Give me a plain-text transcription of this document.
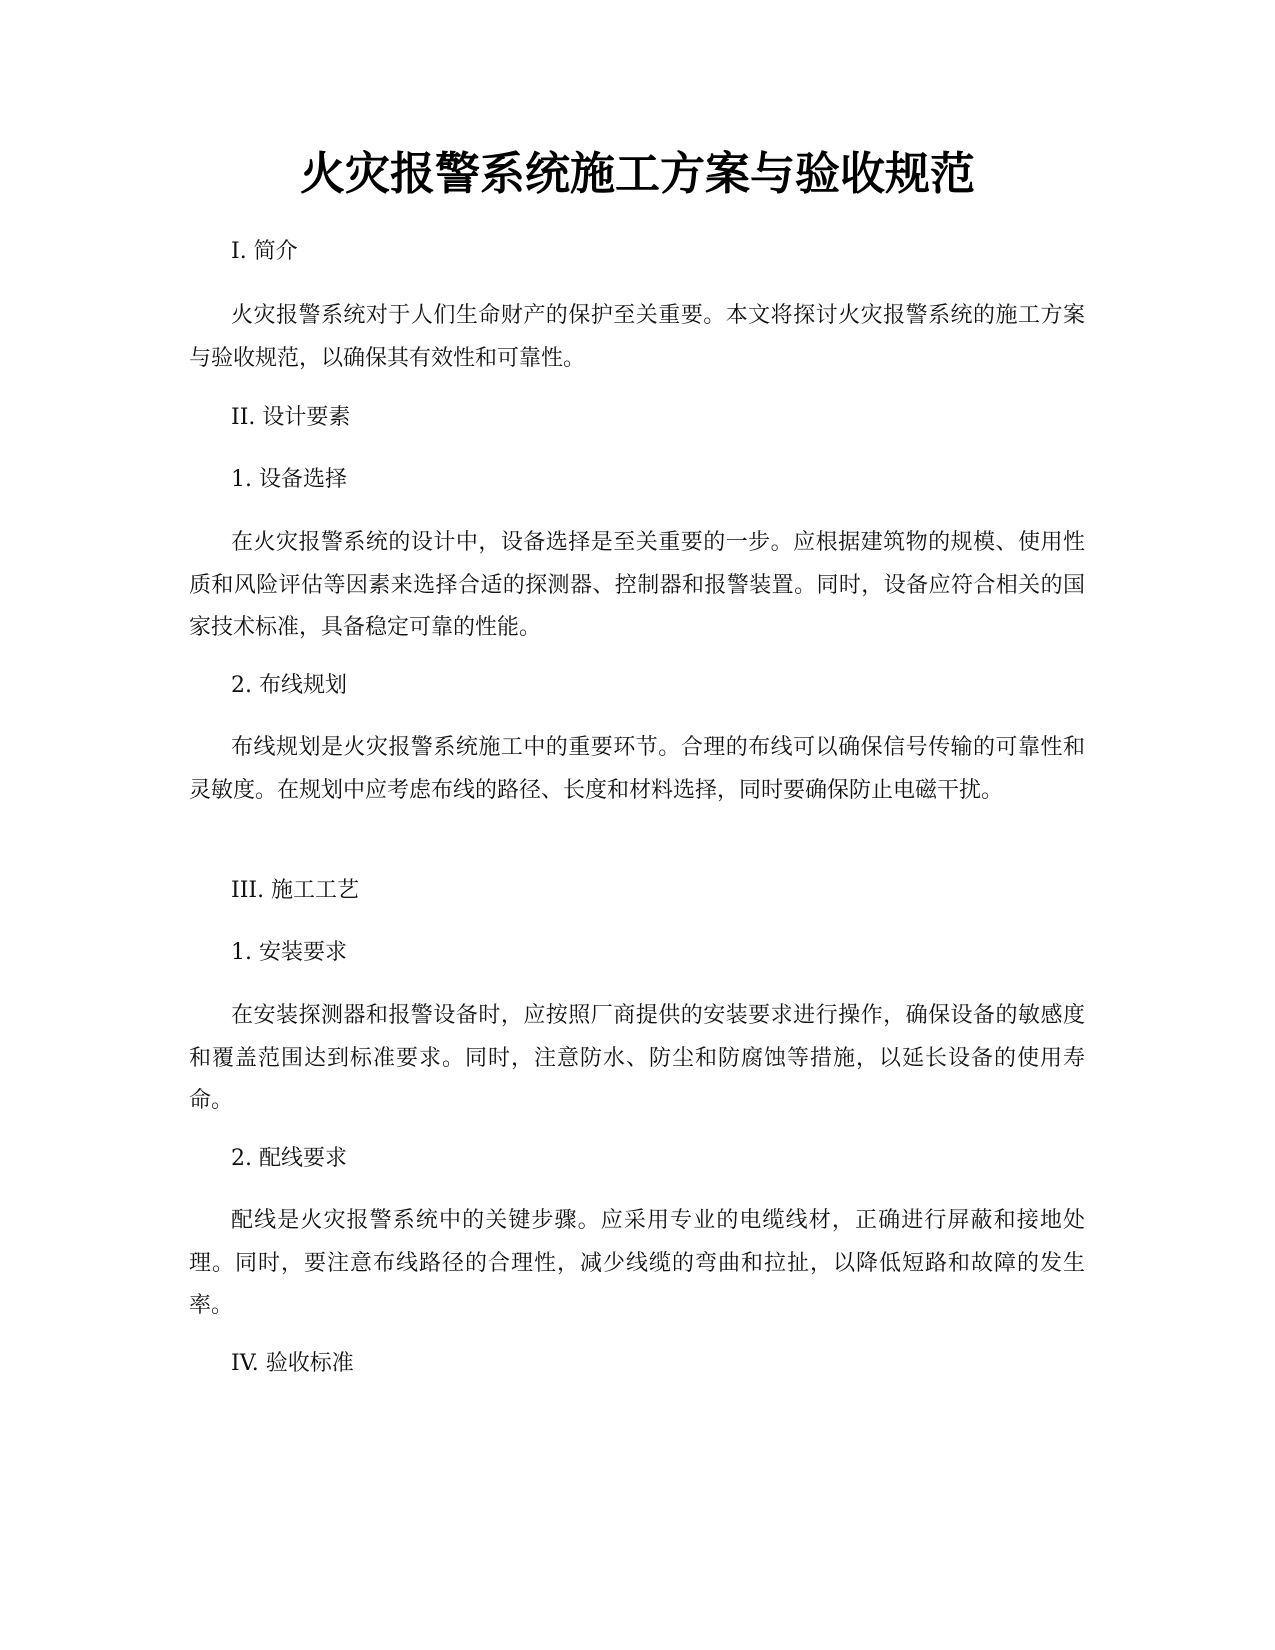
火灾报警系统施工方案与验收规范

I. 简介

火灾报警系统对于人们生命财产的保护至关重要。本文将探讨火灾报警系统的施工方案与验收规范，以确保其有效性和可靠性。

II. 设计要素

1. 设备选择

在火灾报警系统的设计中，设备选择是至关重要的一步。应根据建筑物的规模、使用性质和风险评估等因素来选择合适的探测器、控制器和报警装置。同时，设备应符合相关的国家技术标准，具备稳定可靠的性能。

2. 布线规划

布线规划是火灾报警系统施工中的重要环节。合理的布线可以确保信号传输的可靠性和灵敏度。在规划中应考虑布线的路径、长度和材料选择，同时要确保防止电磁干扰。

III. 施工工艺

1. 安装要求

在安装探测器和报警设备时，应按照厂商提供的安装要求进行操作，确保设备的敏感度和覆盖范围达到标准要求。同时，注意防水、防尘和防腐蚀等措施，以延长设备的使用寿命。

2. 配线要求

配线是火灾报警系统中的关键步骤。应采用专业的电缆线材，正确进行屏蔽和接地处理。同时，要注意布线路径的合理性，减少线缆的弯曲和拉扯，以降低短路和故障的发生率。

IV. 验收标准
